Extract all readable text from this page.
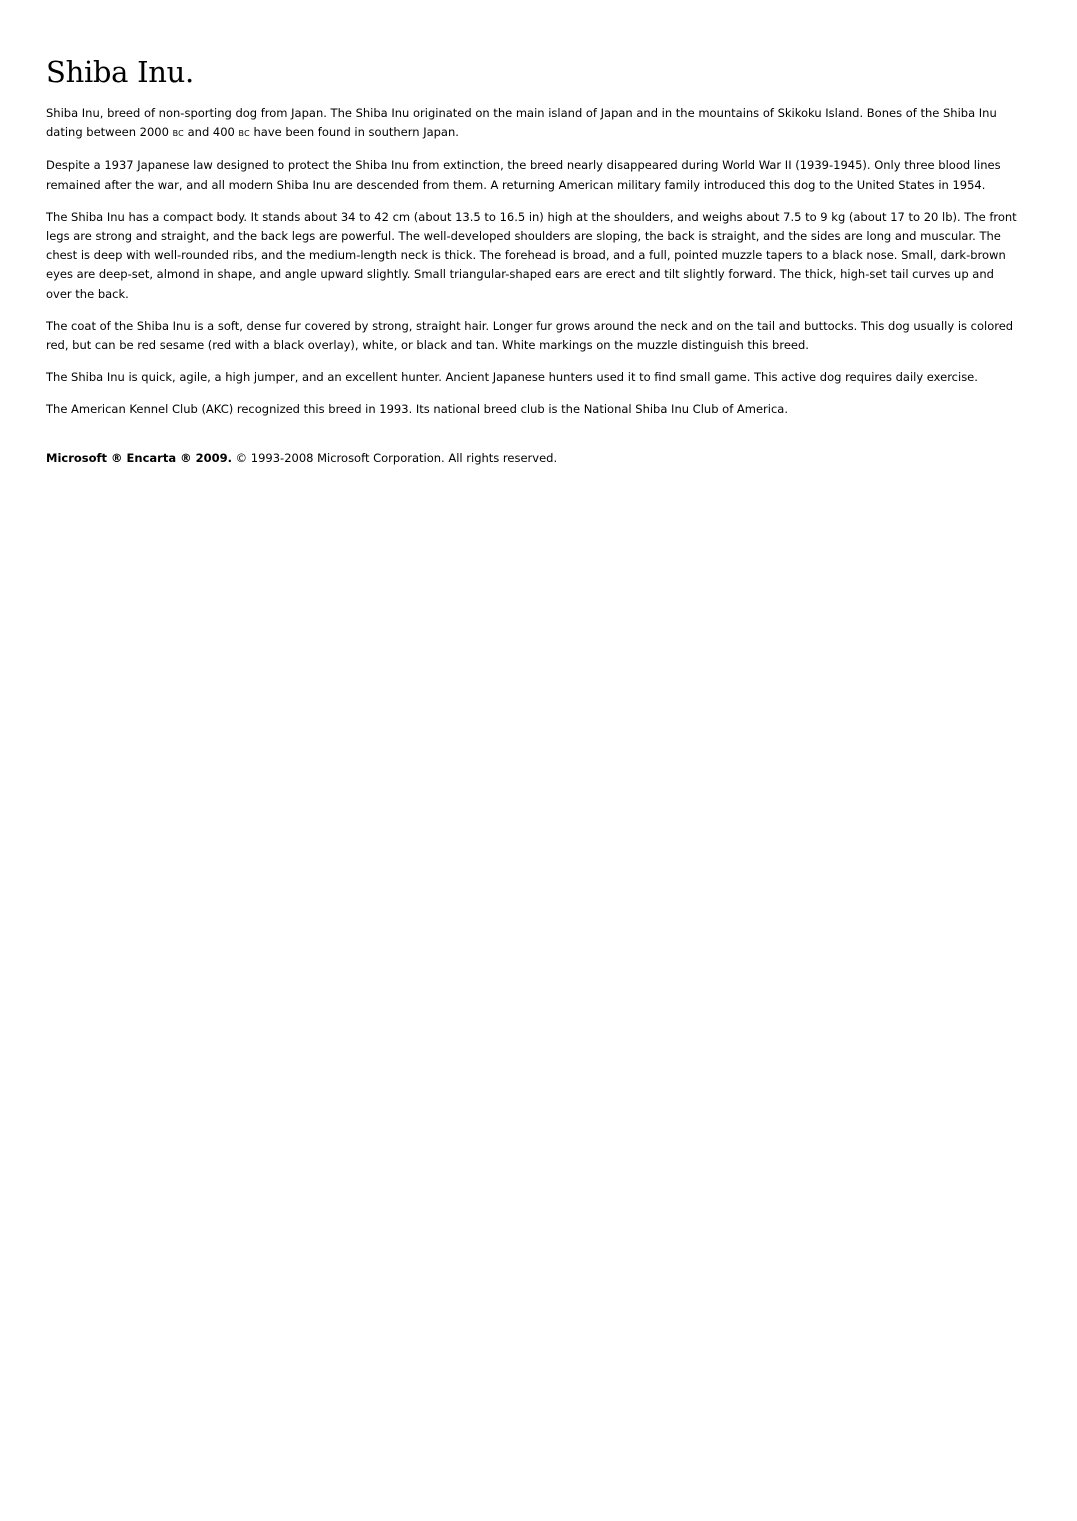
Shiba Inu.

Shiba Inu, breed of non-sporting dog from Japan. The Shiba Inu originated on the main island of Japan and in the mountains of Skikoku Island. Bones of the Shiba Inu dating between 2000 BC and 400 BC have been found in southern Japan.

Despite a 1937 Japanese law designed to protect the Shiba Inu from extinction, the breed nearly disappeared during World War II (1939-1945). Only three blood lines remained after the war, and all modern Shiba Inu are descended from them. A returning American military family introduced this dog to the United States in 1954.

The Shiba Inu has a compact body. It stands about 34 to 42 cm (about 13.5 to 16.5 in) high at the shoulders, and weighs about 7.5 to 9 kg (about 17 to 20 lb). The front legs are strong and straight, and the back legs are powerful. The well-developed shoulders are sloping, the back is straight, and the sides are long and muscular. The chest is deep with well-rounded ribs, and the medium-length neck is thick. The forehead is broad, and a full, pointed muzzle tapers to a black nose. Small, dark-brown eyes are deep-set, almond in shape, and angle upward slightly. Small triangular-shaped ears are erect and tilt slightly forward. The thick, high-set tail curves up and over the back.

The coat of the Shiba Inu is a soft, dense fur covered by strong, straight hair. Longer fur grows around the neck and on the tail and buttocks. This dog usually is colored red, but can be red sesame (red with a black overlay), white, or black and tan. White markings on the muzzle distinguish this breed.

The Shiba Inu is quick, agile, a high jumper, and an excellent hunter. Ancient Japanese hunters used it to find small game. This active dog requires daily exercise.

The American Kennel Club (AKC) recognized this breed in 1993. Its national breed club is the National Shiba Inu Club of America.

Microsoft ® Encarta ® 2009. © 1993-2008 Microsoft Corporation. All rights reserved.
